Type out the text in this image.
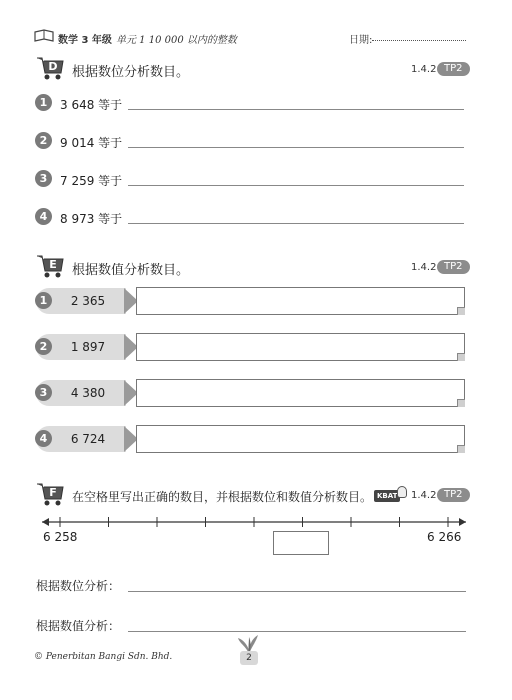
数学 3 年级 单元 1 10 000 以内的整数	日期:
D 根据数位分析数目。	1.4.2 TP2
1	3 648 等于
2	9 014 等于
3	7 259 等于
4	8 973 等于
E 根据数值分析数目。	1.4.2 TP2
1	2 365
2	1 897
3	4 380
4	6 724
F 在空格里写出正确的数目，并根据数位和数值分析数目。 KBAT	1.4.2 TP2
6 258	6 266
根据数位分析：
根据数值分析：
© Penerbitan Bangi Sdn. Bhd.	2
